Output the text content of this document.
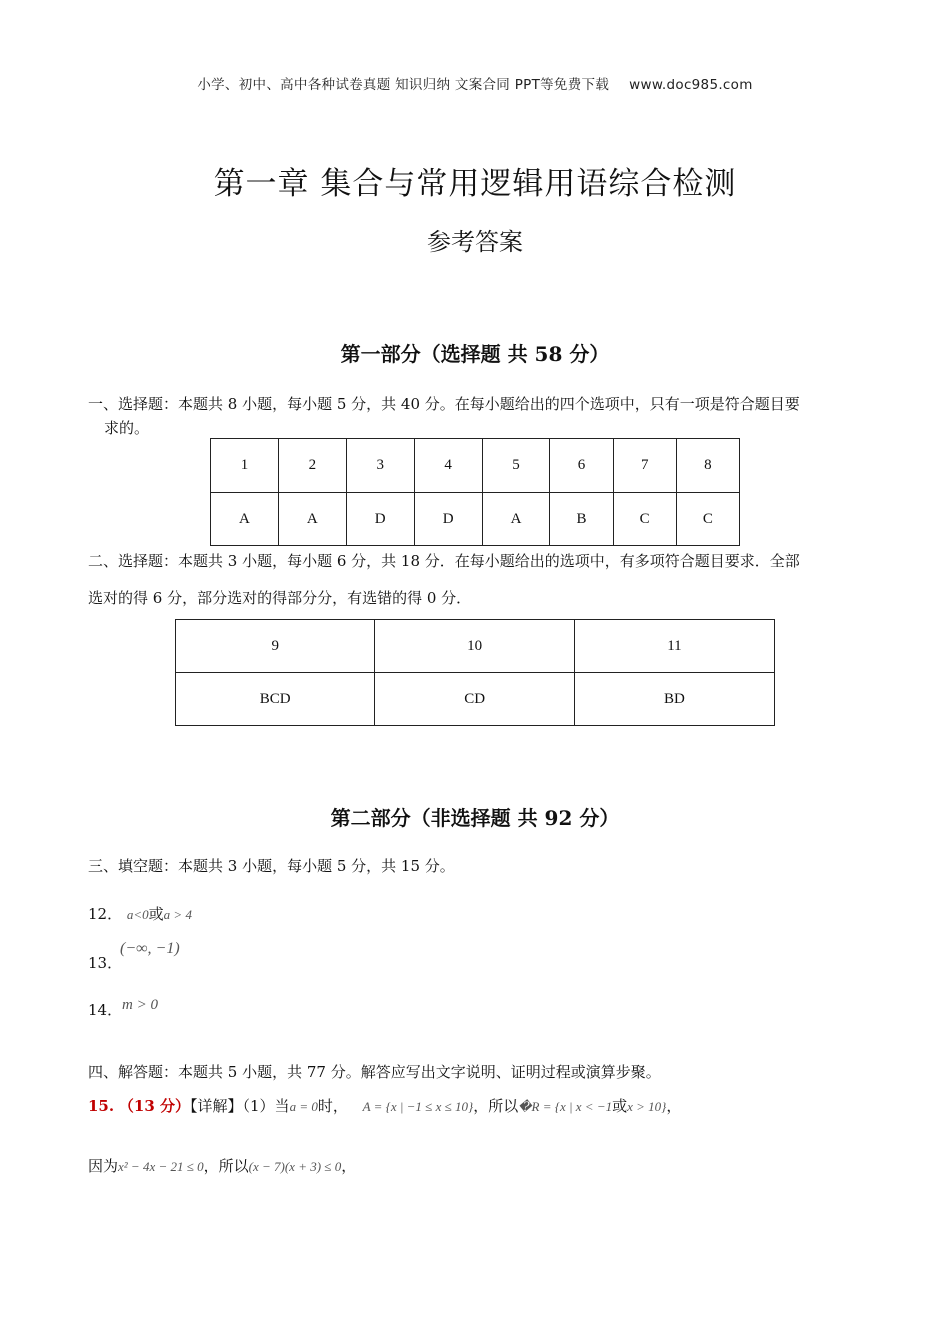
小学、初中、高中各种试卷真题 知识归纳 文案合同 PPT等免费下载 www.doc985.com
第一章 集合与常用逻辑用语综合检测
参考答案
第一部分（选择题 共 58 分）
一、选择题：本题共 8 小题，每小题 5 分，共 40 分。在每小题给出的四个选项中，只有一项是符合题目要
求的。
1	2	3	4	5	6	7	8
A	A	D	D	A	B	C	C
二、选择题：本题共 3 小题，每小题 6 分，共 18 分．在每小题给出的选项中，有多项符合题目要求．全部
选对的得 6 分，部分选对的得部分分，有选错的得 0 分．
9	10	11
BCD	CD	BD
第二部分（非选择题 共 92 分）
三、填空题：本题共 3 小题，每小题 5 分，共 15 分。
12． a<0或a > 4
(−∞, −1)
13．
14． m > 0
四、解答题：本题共 5 小题，共 77 分。解答应写出文字说明、证明过程或演算步聚。
15. （13 分）【详解】（1）当a = 0时， A = {x | −1 ≤ x ≤ 10}，所以�R = {x | x < −1或x > 10}，
因为x² − 4x − 21 ≤ 0，所以(x − 7)(x + 3) ≤ 0，
